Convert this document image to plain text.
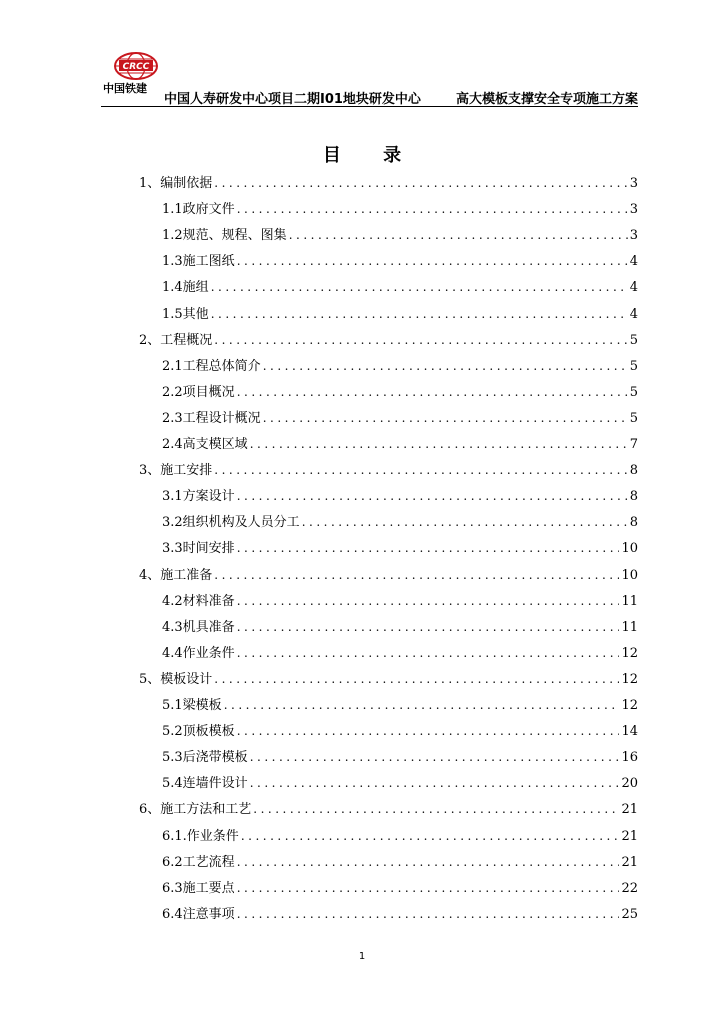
CRCC
中国铁建
中国人寿研发中心项目二期I01地块研发中心	高大模板支撑安全专项施工方案
目 录
1、编制依据 .....	3
1.1政府文件 .....	3
1.2规范、规程、图集 .....	3
1.3施工图纸 .....	4
1.4施组 .....	4
1.5其他 .....	4
2、工程概况 .....	5
2.1工程总体简介 .....	5
2.2项目概况 .....	5
2.3工程设计概况 .....	5
2.4高支模区域 .....	7
3、施工安排 .....	8
3.1方案设计 .....	8
3.2组织机构及人员分工 .....	8
3.3时间安排 .....	10
4、施工准备 .....	10
4.2材料准备 .....	11
4.3机具准备 .....	11
4.4作业条件 .....	12
5、模板设计 .....	12
5.1梁模板 .....	12
5.2顶板模板 .....	14
5.3后浇带模板 .....	16
5.4连墙件设计 .....	20
6、施工方法和工艺 .....	21
6.1.作业条件 .....	21
6.2工艺流程 .....	21
6.3施工要点 .....	22
6.4注意事项 .....	25
1
